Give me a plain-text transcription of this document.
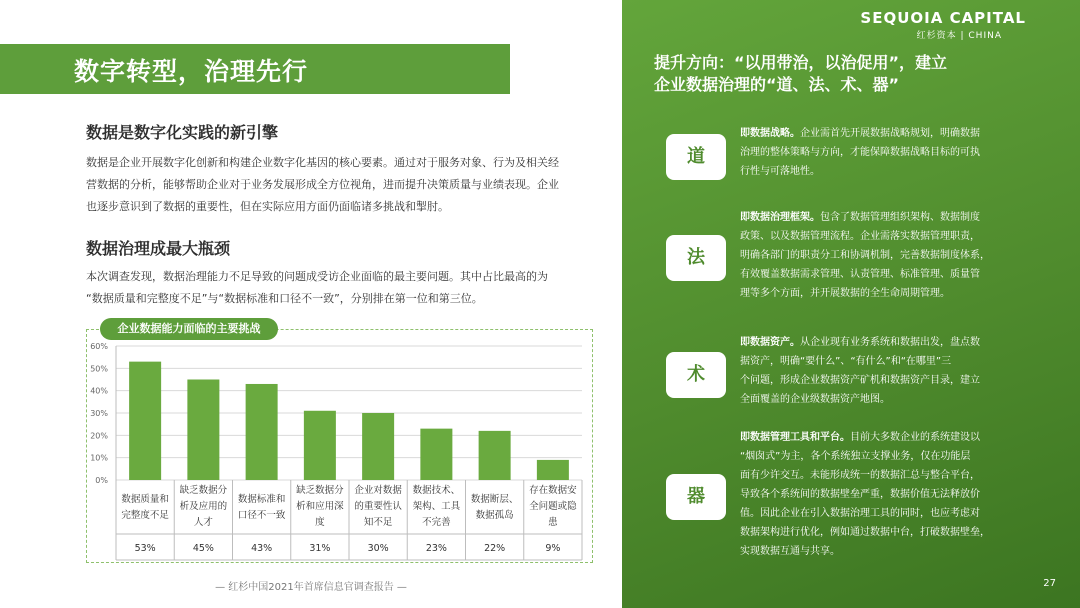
数字转型，治理先行
数据是数字化实践的新引擎

数据是企业开展数字化创新和构建企业数字化基因的核心要素。通过对于服务对象、行为及相关经
营数据的分析，能够帮助企业对于业务发展形成全方位视角，进而提升决策质量与业绩表现。企业
也逐步意识到了数据的重要性，但在实际应用方面仍面临诸多挑战和掣肘。

数据治理成最大瓶颈

本次调查发现，数据治理能力不足导致的问题成受访企业面临的最主要问题。其中占比最高的为
“数据质量和完整度不足”与“数据标准和口径不一致”，分别排在第一位和第三位。

企业数据能力面临的主要挑战
0%
10%
20%
30%
40%
50%
60%
数据质量和
完整度不足
53%
缺乏数据分
析及应用的
人才
45%
数据标准和
口径不一致
43%
缺乏数据分
析和应用深
度
31%
企业对数据
的重要性认
知不足
30%
数据技术、
架构、工具
不完善
23%
数据断层、
数据孤岛
22%
存在数据安
全问题或隐
患
9%
— 红杉中国2021年首席信息官调查报告 —
SEQUOIA CAPITAL
红杉资本 | CHINA
提升方向：“以用带治，以治促用”，建立
企业数据治理的“道、法、术、器”
道

即数据战略。企业需首先开展数据战略规划，明确数据
治理的整体策略与方向，才能保障数据战略目标的可执
行性与可落地性。

法

即数据治理框架。包含了数据管理组织架构、数据制度
政策、以及数据管理流程。企业需落实数据管理职责，
明确各部门的职责分工和协调机制，完善数据制度体系，
有效覆盖数据需求管理、认责管理、标准管理、质量管
理等多个方面，并开展数据的全生命周期管理。

术

即数据资产。从企业现有业务系统和数据出发，盘点数
据资产，明确“要什么”、“有什么”和“在哪里”三
个问题，形成企业数据资产矿机和数据资产目录，建立
全面覆盖的企业级数据资产地图。

器

即数据管理工具和平台。目前大多数企业的系统建设以
“烟囱式”为主，各个系统独立支撑业务，仅在功能层
面有少许交互。未能形成统一的数据汇总与整合平台，
导致各个系统间的数据壁垒严重，数据价值无法释放价
值。因此企业在引入数据治理工具的同时，也应考虑对
数据架构进行优化，例如通过数据中台，打破数据壁垒，
实现数据互通与共享。

27
